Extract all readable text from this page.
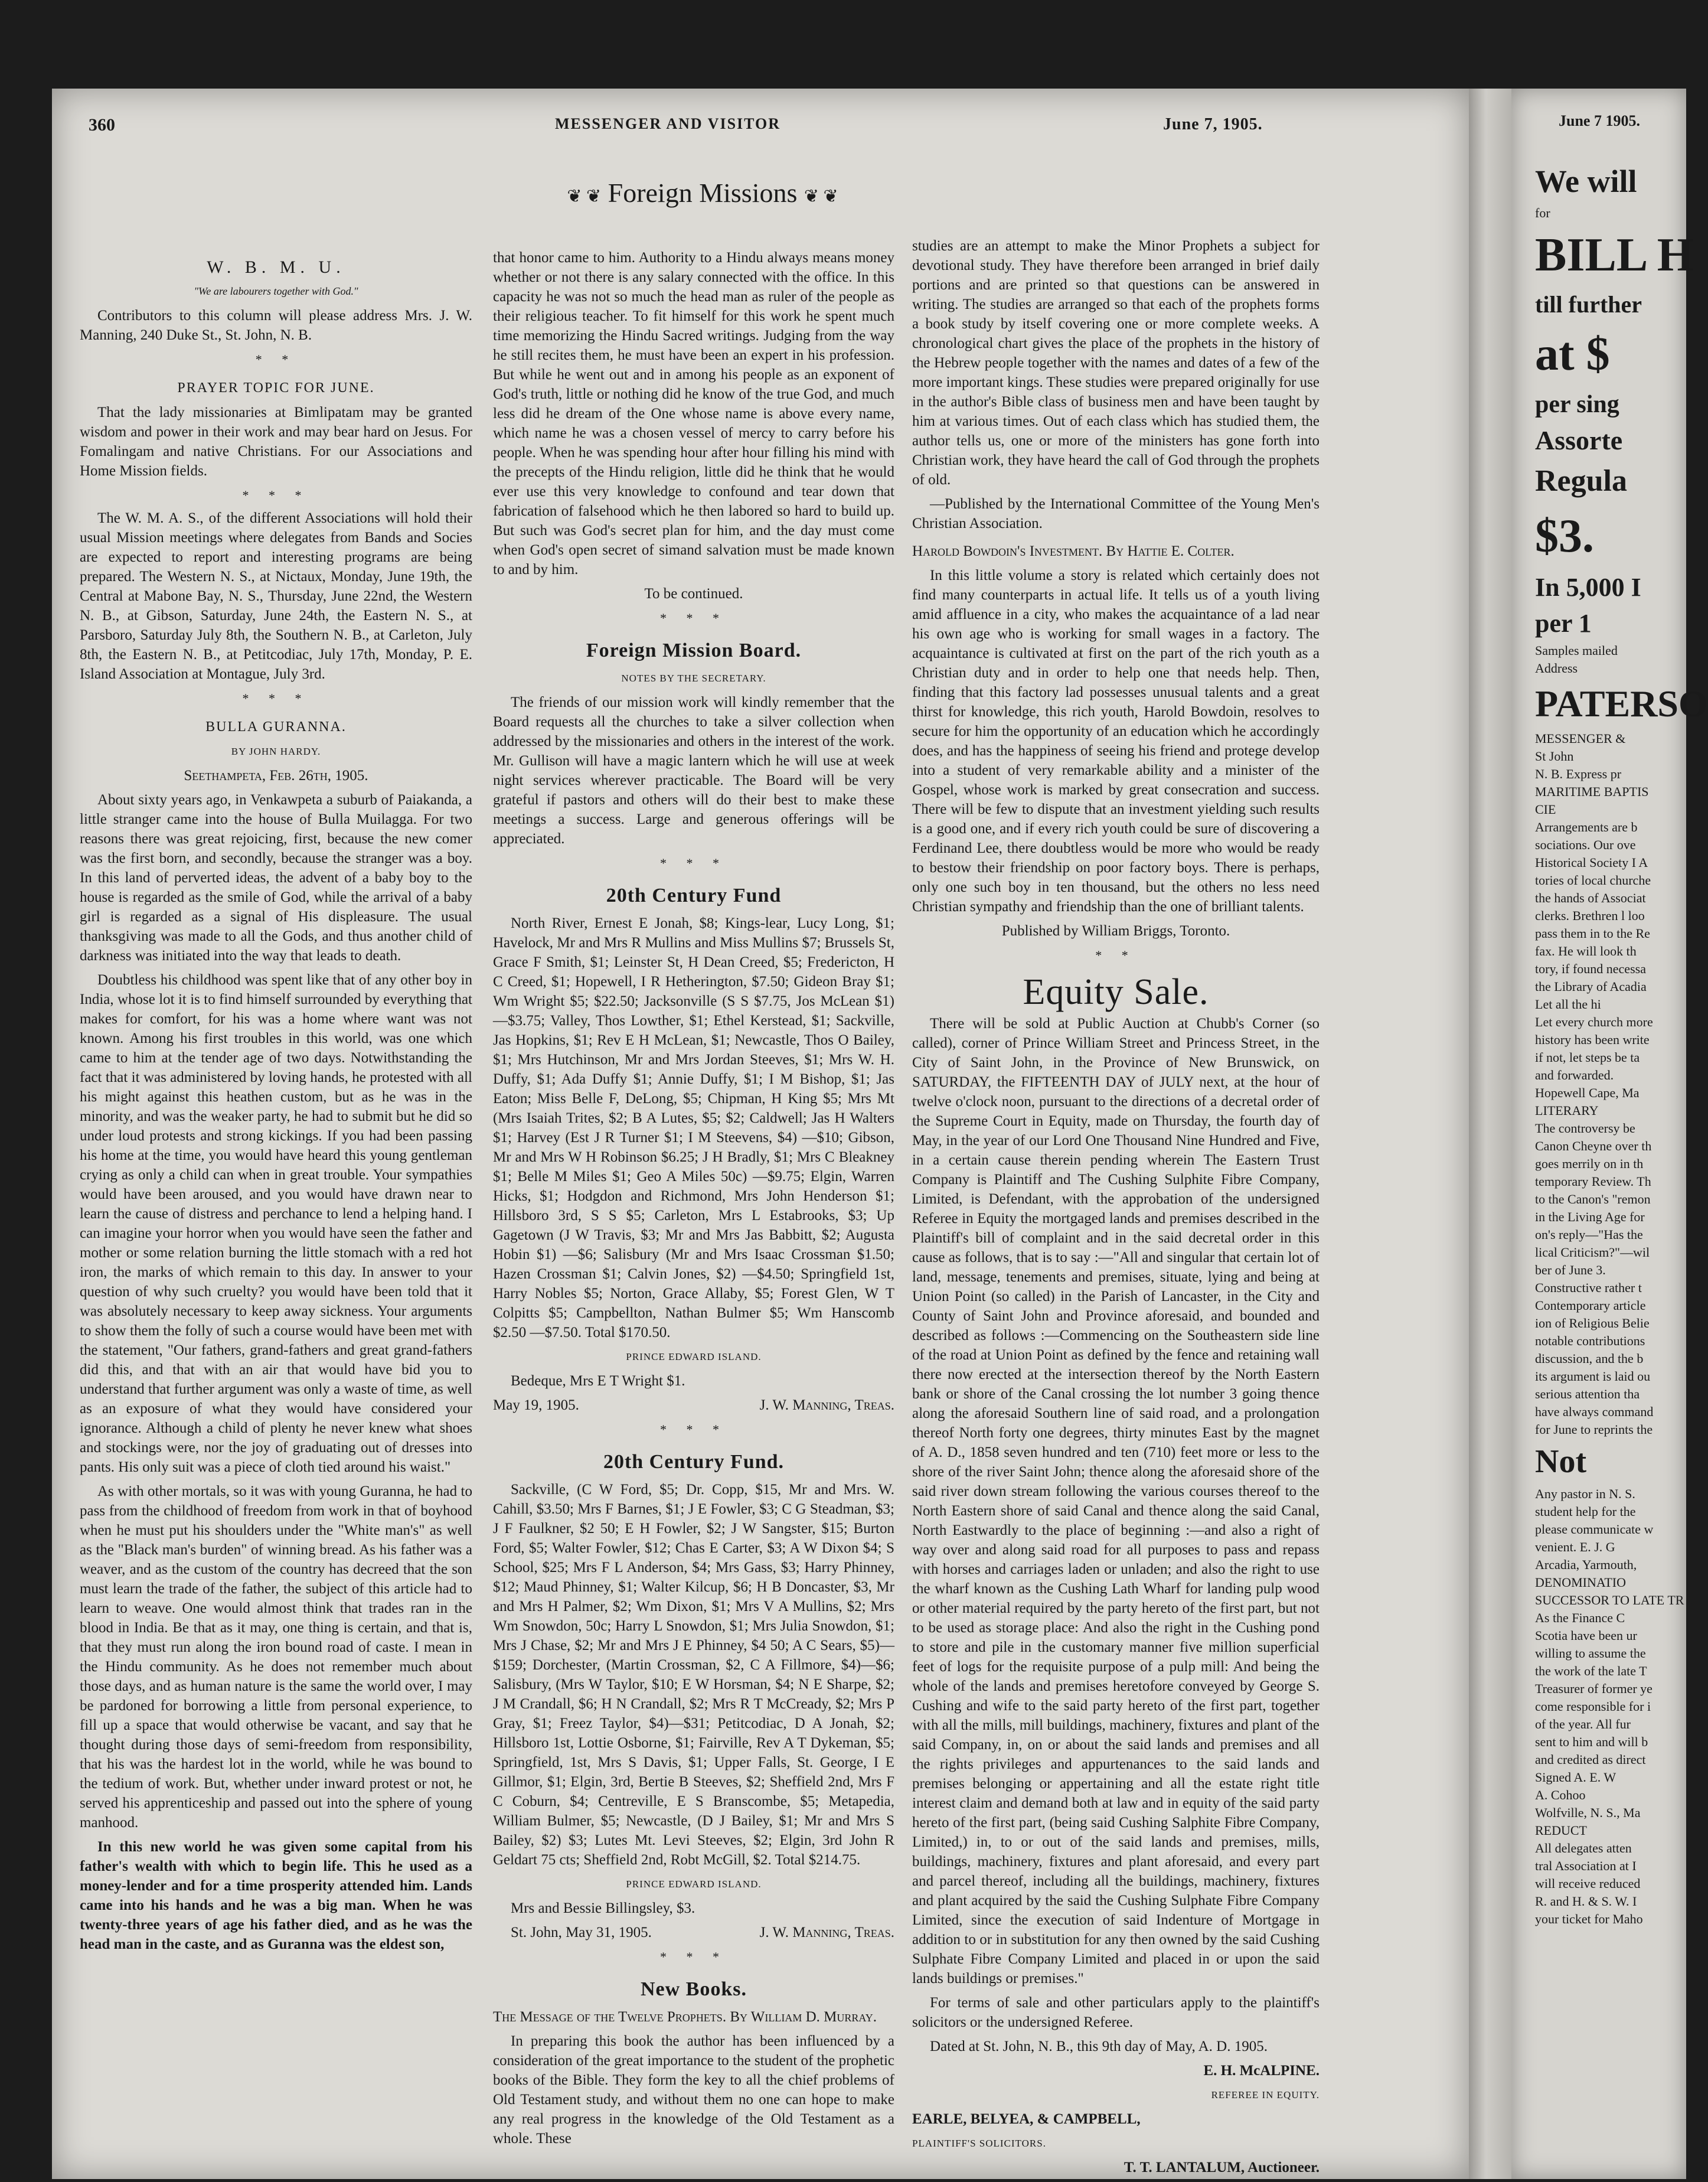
360	MESSENGER AND VISITOR	June 7, 1905.
❦ ❦ Foreign Missions ❦ ❦
W. B. M. U.

"We are labourers together with God."

Contributors to this column will please address Mrs. J. W. Manning, 240 Duke St., St. John, N. B.

* *
PRAYER TOPIC FOR JUNE.

That the lady missionaries at Bimlipatam may be granted wisdom and power in their work and may bear hard on Jesus. For Fomalingam and native Christians. For our Associations and Home Mission fields.

* * *

The W. M. A. S., of the different Associations will hold their usual Mission meetings where delegates from Bands and Socies are expected to report and interesting programs are being prepared. The Western N. S., at Nictaux, Monday, June 19th, the Central at Mabone Bay, N. S., Thursday, June 22nd, the Western N. B., at Gibson, Saturday, June 24th, the Eastern N. S., at Parsboro, Saturday July 8th, the Southern N. B., at Carleton, July 8th, the Eastern N. B., at Petitcodiac, July 17th, Monday, P. E. Island Association at Montague, July 3rd.

* * *
BULLA GURANNA.

BY JOHN HARDY.

Seethampeta, Feb. 26th, 1905.

About sixty years ago, in Venkawpeta a suburb of Paiakanda, a little stranger came into the house of Bulla Muilagga. For two reasons there was great rejoicing, first, because the new comer was the first born, and secondly, because the stranger was a boy. In this land of perverted ideas, the advent of a baby boy to the house is regarded as the smile of God, while the arrival of a baby girl is regarded as a signal of His displeasure. The usual thanksgiving was made to all the Gods, and thus another child of darkness was initiated into the way that leads to death.

Doubtless his childhood was spent like that of any other boy in India, whose lot it is to find himself surrounded by everything that makes for comfort, for his was a home where want was not known. Among his first troubles in this world, was one which came to him at the tender age of two days. Notwithstanding the fact that it was administered by loving hands, he protested with all his might against this heathen custom, but as he was in the minority, and was the weaker party, he had to submit but he did so under loud protests and strong kickings. If you had been passing his home at the time, you would have heard this young gentleman crying as only a child can when in great trouble. Your sympathies would have been aroused, and you would have drawn near to learn the cause of distress and perchance to lend a helping hand. I can imagine your horror when you would have seen the father and mother or some relation burning the little stomach with a red hot iron, the marks of which remain to this day. In answer to your question of why such cruelty? you would have been told that it was absolutely necessary to keep away sickness. Your arguments to show them the folly of such a course would have been met with the statement, "Our fathers, grand-fathers and great grand-fathers did this, and that with an air that would have bid you to understand that further argument was only a waste of time, as well as an exposure of what they would have considered your ignorance. Although a child of plenty he never knew what shoes and stockings were, nor the joy of graduating out of dresses into pants. His only suit was a piece of cloth tied around his waist."

As with other mortals, so it was with young Guranna, he had to pass from the childhood of freedom from work in that of boyhood when he must put his shoulders under the "White man's" as well as the "Black man's burden" of winning bread. As his father was a weaver, and as the custom of the country has decreed that the son must learn the trade of the father, the subject of this article had to learn to weave. One would almost think that trades ran in the blood in India. Be that as it may, one thing is certain, and that is, that they must run along the iron bound road of caste. I mean in the Hindu community. As he does not remember much about those days, and as human nature is the same the world over, I may be pardoned for borrowing a little from personal experience, to fill up a space that would otherwise be vacant, and say that he thought during those days of semi-freedom from responsibility, that his was the hardest lot in the world, while he was bound to the tedium of work. But, whether under inward protest or not, he served his apprenticeship and passed out into the sphere of young manhood.

In this new world he was given some capital from his father's wealth with which to begin life. This he used as a money-lender and for a time prosperity attended him. Lands came into his hands and he was a big man. When he was twenty-three years of age his father died, and as he was the head man in the caste, and as Guranna was the eldest son,

that honor came to him. Authority to a Hindu always means money whether or not there is any salary connected with the office. In this capacity he was not so much the head man as ruler of the people as their religious teacher. To fit himself for this work he spent much time memorizing the Hindu Sacred writings. Judging from the way he still recites them, he must have been an expert in his profession. But while he went out and in among his people as an exponent of God's truth, little or nothing did he know of the true God, and much less did he dream of the One whose name is above every name, which name he was a chosen vessel of mercy to carry before his people. When he was spending hour after hour filling his mind with the precepts of the Hindu religion, little did he think that he would ever use this very knowledge to confound and tear down that fabrication of falsehood which he then labored so hard to build up. But such was God's secret plan for him, and the day must come when God's open secret of simand salvation must be made known to and by him.

To be continued.

* * *
Foreign Mission Board.

NOTES BY THE SECRETARY.

The friends of our mission work will kindly remember that the Board requests all the churches to take a silver collection when addressed by the missionaries and others in the interest of the work. Mr. Gullison will have a magic lantern which he will use at week night services wherever practicable. The Board will be very grateful if pastors and others will do their best to make these meetings a success. Large and generous offerings will be appreciated.

* * *
20th Century Fund

North River, Ernest E Jonah, $8; Kings-lear, Lucy Long, $1; Havelock, Mr and Mrs R Mullins and Miss Mullins $7; Brussels St, Grace F Smith, $1; Leinster St, H Dean Creed, $5; Fredericton, H C Creed, $1; Hopewell, I R Hetherington, $7.50; Gideon Bray $1; Wm Wright $5; $22.50; Jacksonville (S S $7.75, Jos McLean $1) —$3.75; Valley, Thos Lowther, $1; Ethel Kerstead, $1; Sackville, Jas Hopkins, $1; Rev E H McLean, $1; Newcastle, Thos O Bailey, $1; Mrs Hutchinson, Mr and Mrs Jordan Steeves, $1; Mrs W. H. Duffy, $1; Ada Duffy $1; Annie Duffy, $1; I M Bishop, $1; Jas Eaton; Miss Belle F, DeLong, $5; Chipman, H King $5; Mrs Mt (Mrs Isaiah Trites, $2; B A Lutes, $5; $2; Caldwell; Jas H Walters $1; Harvey (Est J R Turner $1; I M Steevens, $4) —$10; Gibson, Mr and Mrs W H Robinson $6.25; J H Bradly, $1; Mrs C Bleakney $1; Belle M Miles $1; Geo A Miles 50c) —$9.75; Elgin, Warren Hicks, $1; Hodgdon and Richmond, Mrs John Henderson $1; Hillsboro 3rd, S S $5; Carleton, Mrs L Estabrooks, $3; Up Gagetown (J W Travis, $3; Mr and Mrs Jas Babbitt, $2; Augusta Hobin $1) —$6; Salisbury (Mr and Mrs Isaac Crossman $1.50; Hazen Crossman $1; Calvin Jones, $2) —$4.50; Springfield 1st, Harry Nobles $5; Norton, Grace Allaby, $5; Forest Glen, W T Colpitts $5; Campbellton, Nathan Bulmer $5; Wm Hanscomb $2.50 —$7.50. Total $170.50.

PRINCE EDWARD ISLAND.

Bedeque, Mrs E T Wright $1.

May 19, 1905.	J. W. Manning, Treas.

* * *
20th Century Fund.

Sackville, (C W Ford, $5; Dr. Copp, $15, Mr and Mrs. W. Cahill, $3.50; Mrs F Barnes, $1; J E Fowler, $3; C G Steadman, $3; J F Faulkner, $2 50; E H Fowler, $2; J W Sangster, $15; Burton Ford, $5; Walter Fowler, $12; Chas E Carter, $3; A W Dixon $4; S School, $25; Mrs F L Anderson, $4; Mrs Gass, $3; Harry Phinney, $12; Maud Phinney, $1; Walter Kilcup, $6; H B Doncaster, $3, Mr and Mrs H Palmer, $2; Wm Dixon, $1; Mrs V A Mullins, $2; Mrs Wm Snowdon, 50c; Harry L Snowdon, $1; Mrs Julia Snowdon, $1; Mrs J Chase, $2; Mr and Mrs J E Phinney, $4 50; A C Sears, $5)—$159; Dorchester, (Martin Crossman, $2, C A Fillmore, $4)—$6; Salisbury, (Mrs W Taylor, $10; E W Horsman, $4; N E Sharpe, $2; J M Crandall, $6; H N Crandall, $2; Mrs R T McCready, $2; Mrs P Gray, $1; Freez Taylor, $4)—$31; Petitcodiac, D A Jonah, $2; Hillsboro 1st, Lottie Osborne, $1; Fairville, Rev A T Dykeman, $5; Springfield, 1st, Mrs S Davis, $1; Upper Falls, St. George, I E Gillmor, $1; Elgin, 3rd, Bertie B Steeves, $2; Sheffield 2nd, Mrs F C Coburn, $4; Centreville, E S Branscombe, $5; Metapedia, William Bulmer, $5; Newcastle, (D J Bailey, $1; Mr and Mrs S Bailey, $2) $3; Lutes Mt. Levi Steeves, $2; Elgin, 3rd John R Geldart 75 cts; Sheffield 2nd, Robt McGill, $2. Total $214.75.

PRINCE EDWARD ISLAND.

Mrs and Bessie Billingsley, $3.

St. John, May 31, 1905.	J. W. Manning, Treas.

* * *
New Books.

The Message of the Twelve Prophets. By William D. Murray.

In preparing this book the author has been influenced by a consideration of the great importance to the student of the prophetic books of the Bible. They form the key to all the chief problems of Old Testament study, and without them no one can hope to make any real progress in the knowledge of the Old Testament as a whole. These

studies are an attempt to make the Minor Prophets a subject for devotional study. They have therefore been arranged in brief daily portions and are printed so that questions can be answered in writing. The studies are arranged so that each of the prophets forms a book study by itself covering one or more complete weeks. A chronological chart gives the place of the prophets in the history of the Hebrew people together with the names and dates of a few of the more important kings. These studies were prepared originally for use in the author's Bible class of business men and have been taught by him at various times. Out of each class which has studied them, the author tells us, one or more of the ministers has gone forth into Christian work, they have heard the call of God through the prophets of old.

—Published by the International Committee of the Young Men's Christian Association.

Harold Bowdoin's Investment. By Hattie E. Colter.

In this little volume a story is related which certainly does not find many counterparts in actual life. It tells us of a youth living amid affluence in a city, who makes the acquaintance of a lad near his own age who is working for small wages in a factory. The acquaintance is cultivated at first on the part of the rich youth as a Christian duty and in order to help one that needs help. Then, finding that this factory lad possesses unusual talents and a great thirst for knowledge, this rich youth, Harold Bowdoin, resolves to secure for him the opportunity of an education which he accordingly does, and has the happiness of seeing his friend and protege develop into a student of very remarkable ability and a minister of the Gospel, whose work is marked by great consecration and success. There will be few to dispute that an investment yielding such results is a good one, and if every rich youth could be sure of discovering a Ferdinand Lee, there doubtless would be more who would be ready to bestow their friendship on poor factory boys. There is perhaps, only one such boy in ten thousand, but the others no less need Christian sympathy and friendship than the one of brilliant talents.

Published by William Briggs, Toronto.

* *
Equity Sale.

There will be sold at Public Auction at Chubb's Corner (so called), corner of Prince William Street and Princess Street, in the City of Saint John, in the Province of New Brunswick, on SATURDAY, the FIFTEENTH DAY of JULY next, at the hour of twelve o'clock noon, pursuant to the directions of a decretal order of the Supreme Court in Equity, made on Thursday, the fourth day of May, in the year of our Lord One Thousand Nine Hundred and Five, in a certain cause therein pending wherein The Eastern Trust Company is Plaintiff and The Cushing Sulphite Fibre Company, Limited, is Defendant, with the approbation of the undersigned Referee in Equity the mortgaged lands and premises described in the Plaintiff's bill of complaint and in the said decretal order in this cause as follows, that is to say :—"All and singular that certain lot of land, message, tenements and premises, situate, lying and being at Union Point (so called) in the Parish of Lancaster, in the City and County of Saint John and Province aforesaid, and bounded and described as follows :—Commencing on the Southeastern side line of the road at Union Point as defined by the fence and retaining wall there now erected at the intersection thereof by the North Eastern bank or shore of the Canal crossing the lot number 3 going thence along the aforesaid Southern line of said road, and a prolongation thereof North forty one degrees, thirty minutes East by the magnet of A. D., 1858 seven hundred and ten (710) feet more or less to the shore of the river Saint John; thence along the aforesaid shore of the said river down stream following the various courses thereof to the North Eastern shore of said Canal and thence along the said Canal, North Eastwardly to the place of beginning :—and also a right of way over and along said road for all purposes to pass and repass with horses and carriages laden or unladen; and also the right to use the wharf known as the Cushing Lath Wharf for landing pulp wood or other material required by the party hereto of the first part, but not to be used as storage place: And also the right in the Cushing pond to store and pile in the customary manner five million superficial feet of logs for the requisite purpose of a pulp mill: And being the whole of the lands and premises heretofore conveyed by George S. Cushing and wife to the said party hereto of the first part, together with all the mills, mill buildings, machinery, fixtures and plant of the said Company, in, on or about the said lands and premises and all the rights privileges and appurtenances to the said lands and premises belonging or appertaining and all the estate right title interest claim and demand both at law and in equity of the said party hereto of the first part, (being said Cushing Salphite Fibre Company, Limited,) in, to or out of the said lands and premises, mills, buildings, machinery, fixtures and plant aforesaid, and every part and parcel thereof, including all the buildings, machinery, fixtures and plant acquired by the said the Cushing Sulphate Fibre Company Limited, since the execution of said Indenture of Mortgage in addition to or in substitution for any then owned by the said Cushing Sulphate Fibre Company Limited and placed in or upon the said lands buildings or premises."

For terms of sale and other particulars apply to the plaintiff's solicitors or the undersigned Referee.

Dated at St. John, N. B., this 9th day of May, A. D. 1905.

E. H. McALPINE.

REFEREE IN EQUITY.

EARLE, BELYEA, & CAMPBELL,

PLAINTIFF'S SOLICITORS.

T. T. LANTALUM, Auctioneer.

June 7 1905.
We will
for
BILL H
till further
at $
per sing
Assorte
Regula
$3.
In 5,000 I
per 1
Samples mailed
Address
PATERSO
MESSENGER &
St John
N. B. Express pr
MARITIME BAPTIS
CIE
Arrangements are b
sociations. Our ove
Historical Society I A
tories of local churche
the hands of Associat
clerks. Brethren l loo
pass them in to the Re
fax. He will look th
tory, if found necessa
the Library of Acadia
Let all the hi
Let every church more
history has been write
if not, let steps be ta
and forwarded.
Hopewell Cape, Ma
LITERARY
The controversy be
Canon Cheyne over th
goes merrily on in th
temporary Review. Th
to the Canon's "remon
in the Living Age for
on's reply—"Has the
lical Criticism?"—wil
ber of June 3.
Constructive rather t
Contemporary article
ion of Religious Belie
notable contributions
discussion, and the b
its argument is laid ou
serious attention tha
have always command
for June to reprints the
Not
Any pastor in N. S.
student help for the
please communicate w
venient. E. J. G
Arcadia, Yarmouth,
DENOMINATIO
SUCCESSOR TO LATE TR
As the Finance C
Scotia have been ur
willing to assume the
the work of the late T
Treasurer of former ye
come responsible for i
of the year. All fur
sent to him and will b
and credited as direct
Signed A. E. W
A. Cohoo
Wolfville, N. S., Ma
REDUCT
All delegates atten
tral Association at I
will receive reduced
R. and H. & S. W. I
your ticket for Maho
